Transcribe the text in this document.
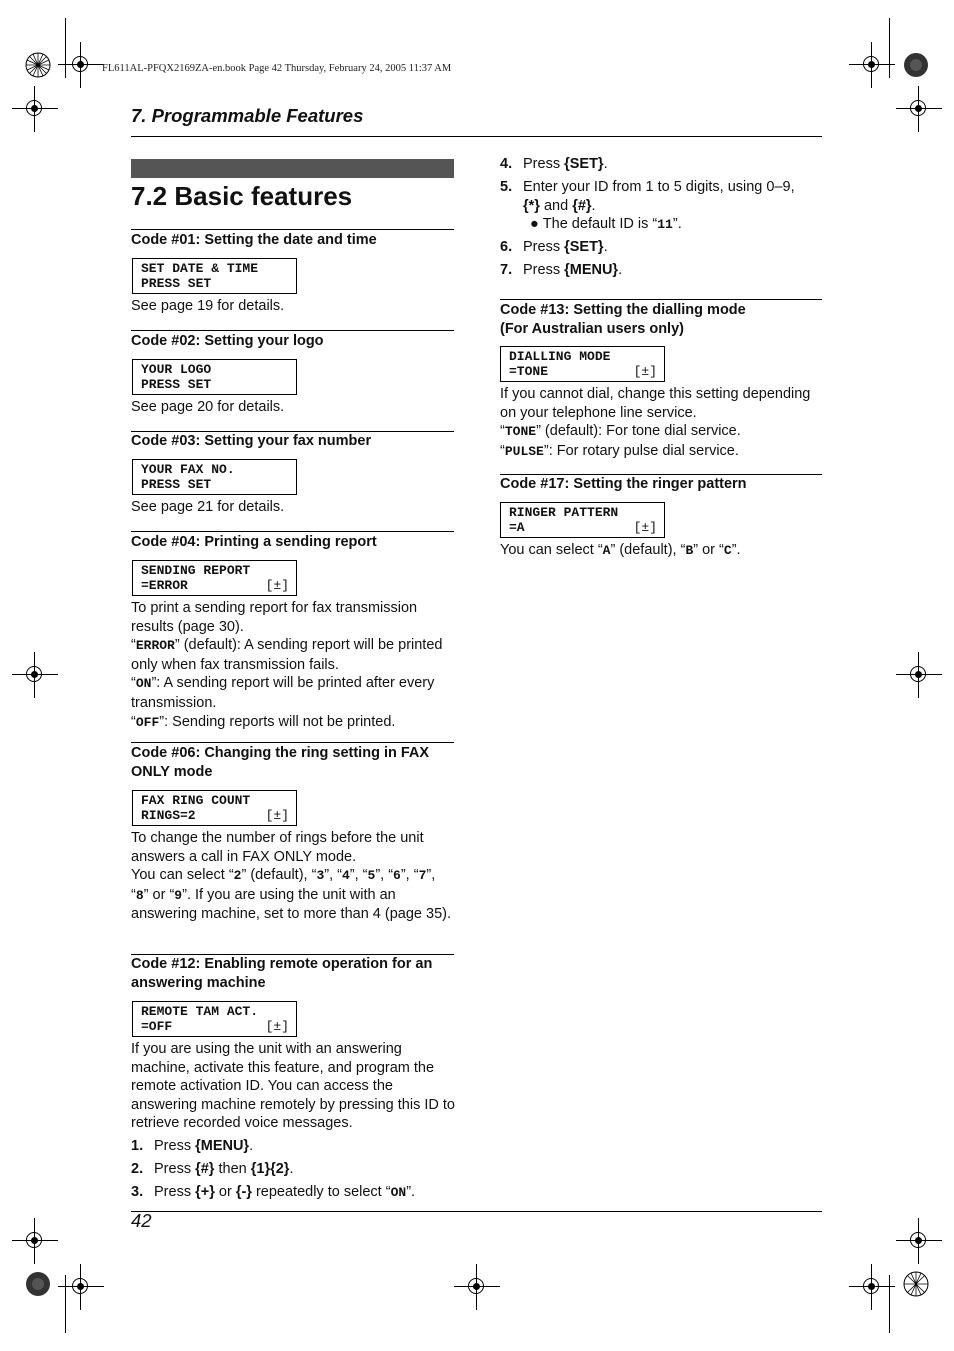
FL611AL-PFQX2169ZA-en.book Page 42 Thursday, February 24, 2005 11:37 AM
7. Programmable Features
7.2 Basic features
Code #01: Setting the date and time
SET DATE & TIME
PRESS SET
See page 19 for details.
Code #02: Setting your logo
YOUR LOGO
PRESS SET
See page 20 for details.
Code #03: Setting your fax number
YOUR FAX NO.
PRESS SET
See page 21 for details.
Code #04: Printing a sending report
SENDING REPORT
=ERROR	[±]
To print a sending report for fax transmission results (page 30).
“ERROR” (default): A sending report will be printed only when fax transmission fails.
“ON”: A sending report will be printed after every transmission.
“OFF”: Sending reports will not be printed.
Code #06: Changing the ring setting in FAX
ONLY mode
FAX RING COUNT
RINGS=2	[±]
To change the number of rings before the unit answers a call in FAX ONLY mode.
You can select “2” (default), “3”, “4”, “5”, “6”, “7”, “8” or “9”. If you are using the unit with an answering machine, set to more than 4 (page 35).
Code #12: Enabling remote operation for an
answering machine
REMOTE TAM ACT.
=OFF	[±]
If you are using the unit with an answering machine, activate this feature, and program the remote activation ID. You can access the answering machine remotely by pressing this ID to retrieve recorded voice messages.
1. Press {MENU}.
2. Press {#} then {1}{2}.
3. Press {+} or {-} repeatedly to select “ON”.
42
4. Press {SET}.
5. Enter your ID from 1 to 5 digits, using 0–9,
{*} and {#}.
● The default ID is “11”.
6. Press {SET}.
7. Press {MENU}.
Code #13: Setting the dialling mode
(For Australian users only)
DIALLING MODE
=TONE	[±]
If you cannot dial, change this setting depending on your telephone line service.
“TONE” (default): For tone dial service.
“PULSE”: For rotary pulse dial service.
Code #17: Setting the ringer pattern
RINGER PATTERN
=A	[±]
You can select “A” (default), “B” or “C”.
